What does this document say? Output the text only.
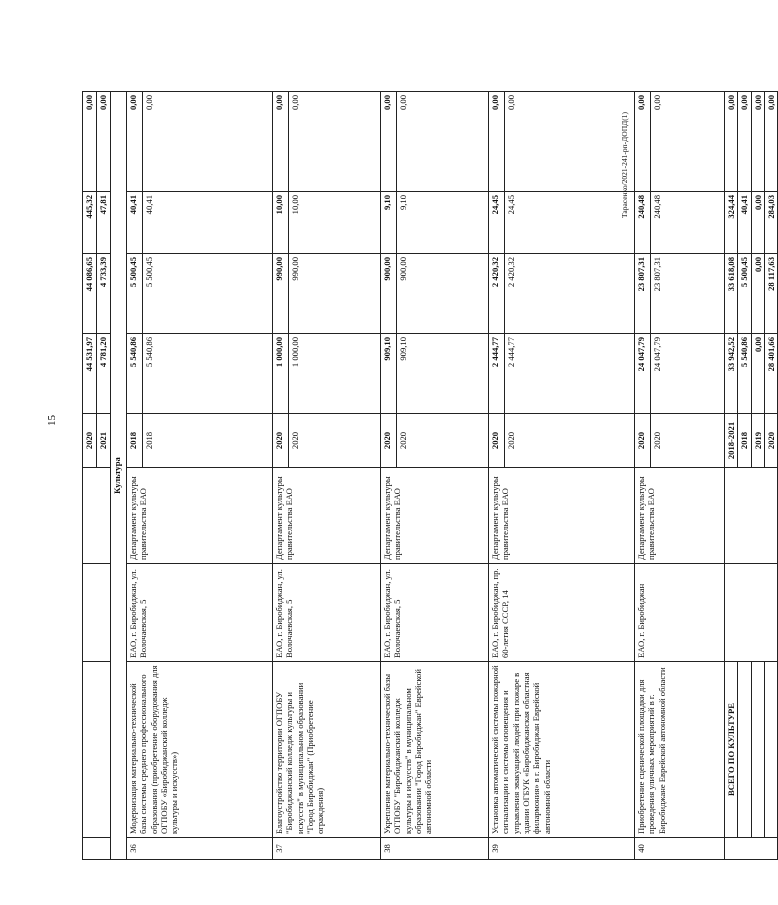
15
				2020	44 531,97	44 086,65	445,32	0,00
				2021	4 781,20	4 733,39	47,81	0,00
Культура								
36	Модернизация материально-технической базы системы среднего профессионального образования (приобретение оборудования для ОГПОБУ «Биробиджанский колледж культуры и искусств»)	ЕАО, г. Биробиджан, ул. Волочаевская, 5	Департамент культуры правительства ЕАО	2018	5 540,86	5 500,45	40,41	0,00
				2018	5 540,86	5 500,45	40,41	0,00
37	Благоустройство территории ОГПОБУ "Биробиджанский колледж культуры и искусств" в муниципальном образовании "Город Биробиджан" (Приобретение ограждения)	ЕАО, г. Биробиджан, ул. Волочаевская, 5	Департамент культуры правительства ЕАО	2020	1 000,00	990,00	10,00	0,00
				2020	1 000,00	990,00	10,00	0,00
38	Укрепление материально-технической базы ОГПОБУ "Биробиджанский колледж культуры и искусств" в муниципальном образовании "Город Биробиджан" Еврейской автономной области	ЕАО, г. Биробиджан, ул. Волочаевская, 5	Департамент культуры правительства ЕАО	2020	909,10	900,00	9,10	0,00
				2020	909,10	900,00	9,10	0,00
39	Установка автоматической системы пожарной сигнализации и системы оповещения и управления эвакуацией людей при пожаре в здании ОГБУК «Биробиджанская областная филармония» в г. Биробиджан Еврейской автономной области	ЕАО, г. Биробиджан, пр. 60-летия СССР, 14	Департамент культуры правительства ЕАО	2020	2 444,77	2 420,32	24,45	0,00
				2020	2 444,77	2 420,32	24,45	0,00
40	Приобретение сценической площадки для проведения уличных мероприятий в г. Биробиджане Еврейской автономной области	ЕАО, г. Биробиджан	Департамент культуры правительства ЕАО	2020	24 047,79	23 807,31	240,48	0,00
				2020	24 047,79	23 807,31	240,48	0,00
	ВСЕГО ПО КУЛЬТУРЕ			2018-2021	33 942,52	33 618,08	324,44	0,00
				2018	5 540,86	5 500,45	40,41	0,00
				2019	0,00	0,00	0,00	0,00
				2020	28 401,66	28 117,63	284,03	0,00
Тарасенко/2021-241-рп-ДОПД(1)
